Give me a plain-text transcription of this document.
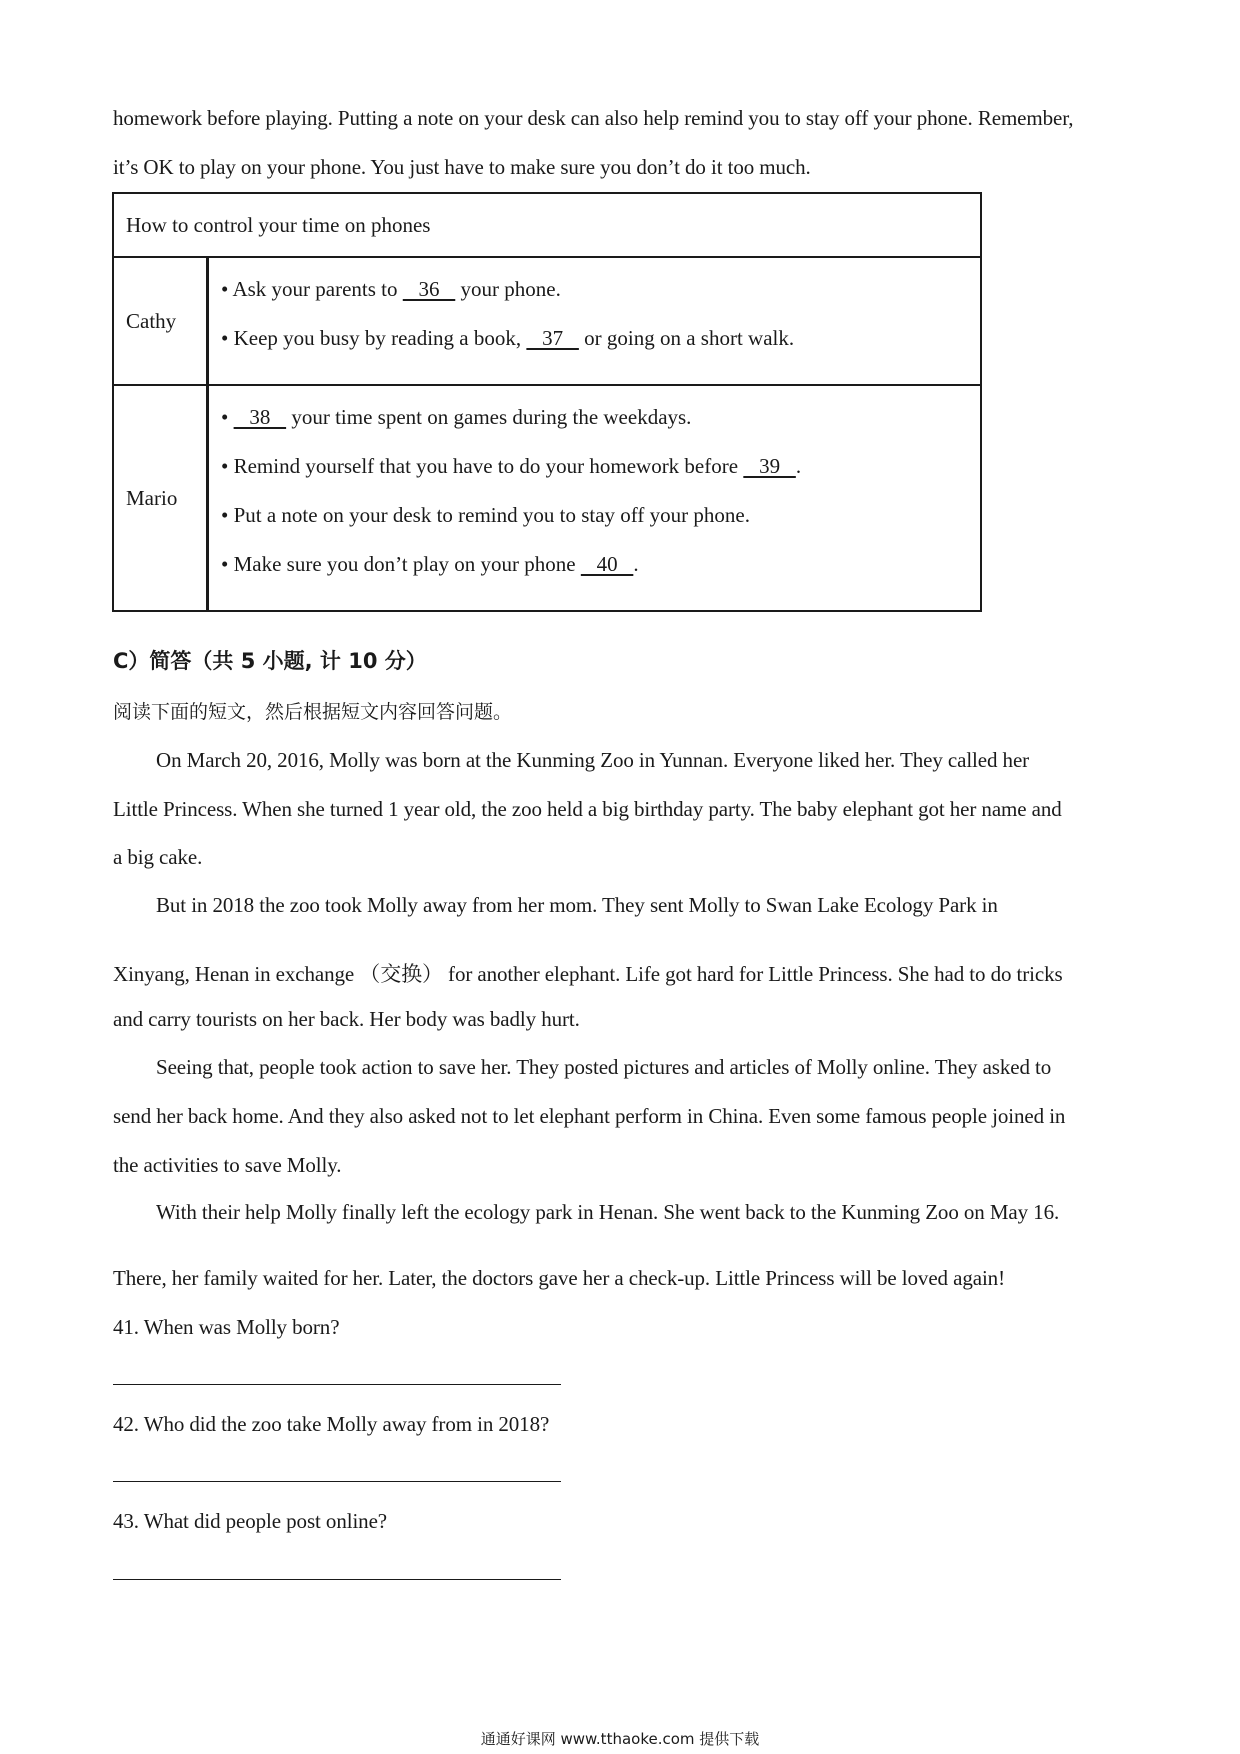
homework before playing. Putting a note on your desk can also help remind you to stay off your phone. Remember,
it’s OK to play on your phone. You just have to make sure you don’t do it too much.
How to control your time on phones	
Cathy	• Ask your parents to    36    your phone.
• Keep you busy by reading a book,    37    or going on a short walk.

Mario	•    38    your time spent on games during the weekdays.
• Remind yourself that you have to do your homework before    39   .
• Put a note on your desk to remind you to stay off your phone.
• Make sure you don’t play on your phone    40   .
C）简答（共 5 小题, 计 10 分）
阅读下面的短文，然后根据短文内容回答问题。
On March 20, 2016, Molly was born at the Kunming Zoo in Yunnan. Everyone liked her. They called her
Little Princess. When she turned 1 year old, the zoo held a big birthday party. The baby elephant got her name and
a big cake.
But in 2018 the zoo took Molly away from her mom. They sent Molly to Swan Lake Ecology Park in
Xinyang, Henan in exchange （交换） for another elephant. Life got hard for Little Princess. She had to do tricks
and carry tourists on her back. Her body was badly hurt.
Seeing that, people took action to save her. They posted pictures and articles of Molly online. They asked to
send her back home. And they also asked not to let elephant perform in China. Even some famous people joined in
the activities to save Molly.
With their help Molly finally left the ecology park in Henan. She went back to the Kunming Zoo on May 16.
There, her family waited for her. Later, the doctors gave her a check-up. Little Princess will be loved again!
41. When was Molly born?
42. Who did the zoo take Molly away from in 2018?
43. What did people post online?
通通好课网 www.tthaoke.com 提供下载
